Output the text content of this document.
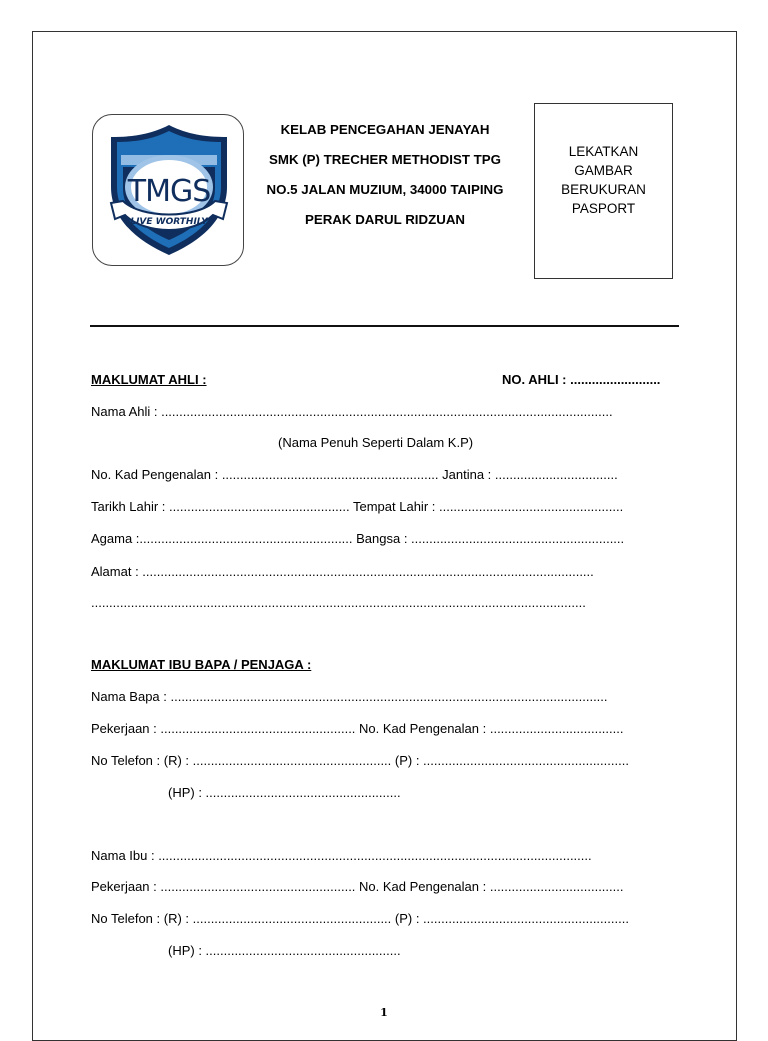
TMGS
LIVE WORTHILY
KELAB PENCEGAHAN JENAYAH
SMK (P) TRECHER METHODIST TPG
NO.5 JALAN MUZIUM, 34000 TAIPING
PERAK DARUL RIDZUAN
LEKATKAN
GAMBAR
BERUKURAN
PASPORT
MAKLUMAT AHLI :	NO. AHLI : .........................
Nama Ahli : .............................................................................................................................
(Nama Penuh Seperti Dalam K.P)
No. Kad Pengenalan : ............................................................ Jantina : ..................................
Tarikh Lahir : .................................................. Tempat Lahir : ...................................................
Agama :........................................................... Bangsa : ...........................................................
Alamat : .............................................................................................................................
.........................................................................................................................................
MAKLUMAT IBU BAPA / PENJAGA :
Nama Bapa : .........................................................................................................................
Pekerjaan : ...................................................... No. Kad Pengenalan : .....................................
No Telefon : (R) : ....................................................... (P) : .........................................................
(HP) : ......................................................
Nama Ibu : ........................................................................................................................
Pekerjaan : ...................................................... No. Kad Pengenalan : .....................................
No Telefon : (R) : ....................................................... (P) : .........................................................
(HP) : ......................................................
1
